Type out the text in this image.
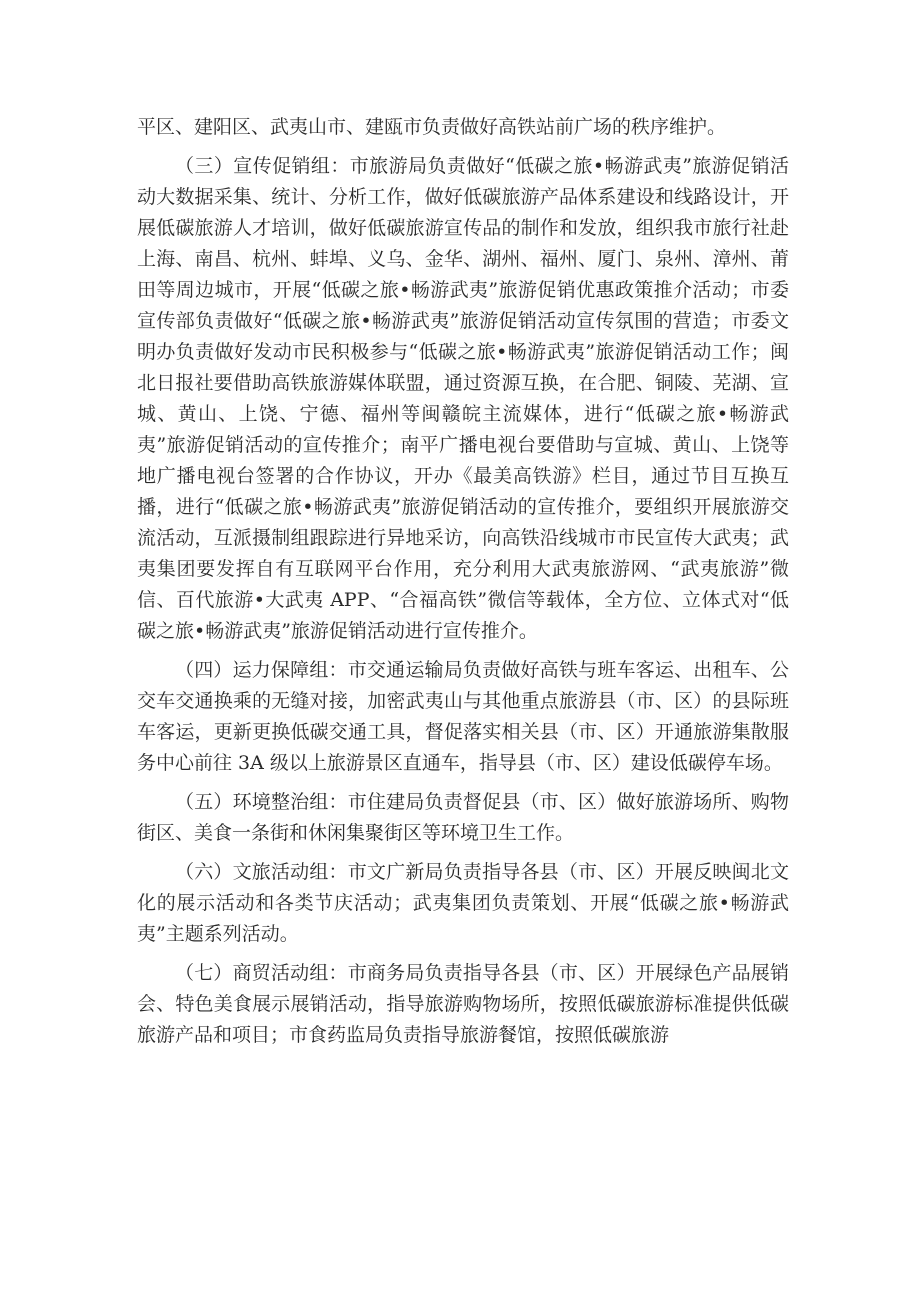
平区、建阳区、武夷山市、建瓯市负责做好高铁站前广场的秩序维护。

（三）宣传促销组：市旅游局负责做好“低碳之旅•畅游武夷”旅游促销活动大数据采集、统计、分析工作，做好低碳旅游产品体系建设和线路设计，开展低碳旅游人才培训，做好低碳旅游宣传品的制作和发放，组织我市旅行社赴上海、南昌、杭州、蚌埠、义乌、金华、湖州、福州、厦门、泉州、漳州、莆田等周边城市，开展“低碳之旅•畅游武夷”旅游促销优惠政策推介活动；市委宣传部负责做好“低碳之旅•畅游武夷”旅游促销活动宣传氛围的营造；市委文明办负责做好发动市民积极参与“低碳之旅•畅游武夷”旅游促销活动工作；闽北日报社要借助高铁旅游媒体联盟，通过资源互换，在合肥、铜陵、芜湖、宣城、黄山、上饶、宁德、福州等闽赣皖主流媒体，进行“低碳之旅•畅游武夷”旅游促销活动的宣传推介；南平广播电视台要借助与宣城、黄山、上饶等地广播电视台签署的合作协议，开办《最美高铁游》栏目，通过节目互换互播，进行“低碳之旅•畅游武夷”旅游促销活动的宣传推介，要组织开展旅游交流活动，互派摄制组跟踪进行异地采访，向高铁沿线城市市民宣传大武夷；武夷集团要发挥自有互联网平台作用，充分利用大武夷旅游网、“武夷旅游”微信、百代旅游•大武夷 APP、“合福高铁”微信等载体，全方位、立体式对“低碳之旅•畅游武夷”旅游促销活动进行宣传推介。

（四）运力保障组：市交通运输局负责做好高铁与班车客运、出租车、公交车交通换乘的无缝对接，加密武夷山与其他重点旅游县（市、区）的县际班车客运，更新更换低碳交通工具，督促落实相关县（市、区）开通旅游集散服务中心前往 3A 级以上旅游景区直通车，指导县（市、区）建设低碳停车场。

（五）环境整治组：市住建局负责督促县（市、区）做好旅游场所、购物街区、美食一条街和休闲集聚街区等环境卫生工作。

（六）文旅活动组：市文广新局负责指导各县（市、区）开展反映闽北文化的展示活动和各类节庆活动；武夷集团负责策划、开展“低碳之旅•畅游武夷”主题系列活动。

（七）商贸活动组：市商务局负责指导各县（市、区）开展绿色产品展销会、特色美食展示展销活动，指导旅游购物场所，按照低碳旅游标准提供低碳旅游产品和项目；市食药监局负责指导旅游餐馆，按照低碳旅游
